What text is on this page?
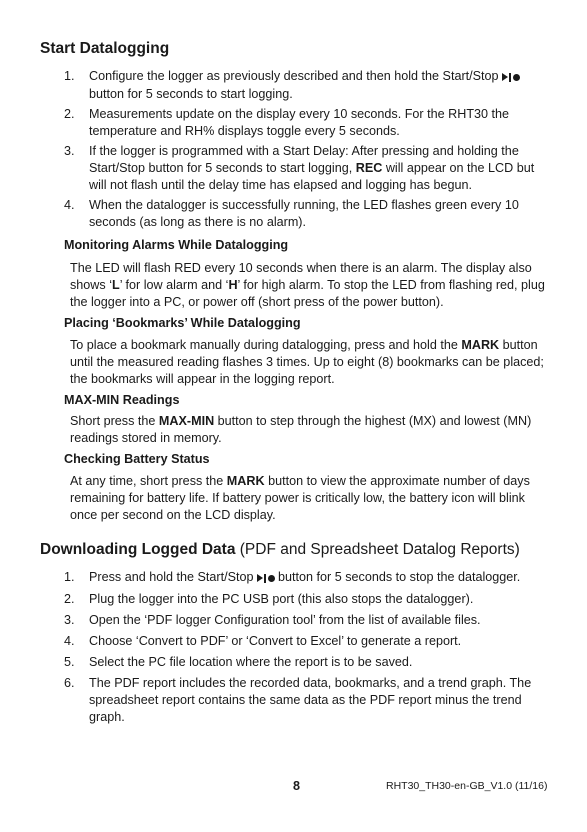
Start Datalogging
1. Configure the logger as previously described and then hold the Start/Stop
button for 5 seconds to start logging.
2. Measurements update on the display every 10 seconds. For the RHT30 the temperature and RH% displays toggle every 5 seconds.
3. If the logger is programmed with a Start Delay: After pressing and holding the Start/Stop button for 5 seconds to start logging, REC will appear on the LCD but will not flash until the delay time has elapsed and logging has begun.
4. When the datalogger is successfully running, the LED flashes green every 10 seconds (as long as there is no alarm).
Monitoring Alarms While Datalogging
The LED will flash RED every 10 seconds when there is an alarm. The display also shows ‘L’ for low alarm and ‘H’ for high alarm. To stop the LED from flashing red, plug the logger into a PC, or power off (short press of the power button).
Placing ‘Bookmarks’ While Datalogging
To place a bookmark manually during datalogging, press and hold the MARK button until the measured reading flashes 3 times. Up to eight (8) bookmarks can be placed; the bookmarks will appear in the logging report.
MAX-MIN Readings
Short press the MAX-MIN button to step through the highest (MX) and lowest (MN) readings stored in memory.
Checking Battery Status
At any time, short press the MARK button to view the approximate number of days remaining for battery life. If battery power is critically low, the battery icon will blink once per second on the LCD display.
Downloading Logged Data (PDF and Spreadsheet Datalog Reports)
1. Press and hold the Start/Stop button for 5 seconds to stop the datalogger.
2. Plug the logger into the PC USB port (this also stops the datalogger).
3. Open the ‘PDF logger Configuration tool’ from the list of available files.
4. Choose ‘Convert to PDF’ or ‘Convert to Excel’ to generate a report.
5. Select the PC file location where the report is to be saved.
6. The PDF report includes the recorded data, bookmarks, and a trend graph. The spreadsheet report contains the same data as the PDF report minus the trend graph.
8	RHT30_TH30-en-GB_V1.0 (11/16)
